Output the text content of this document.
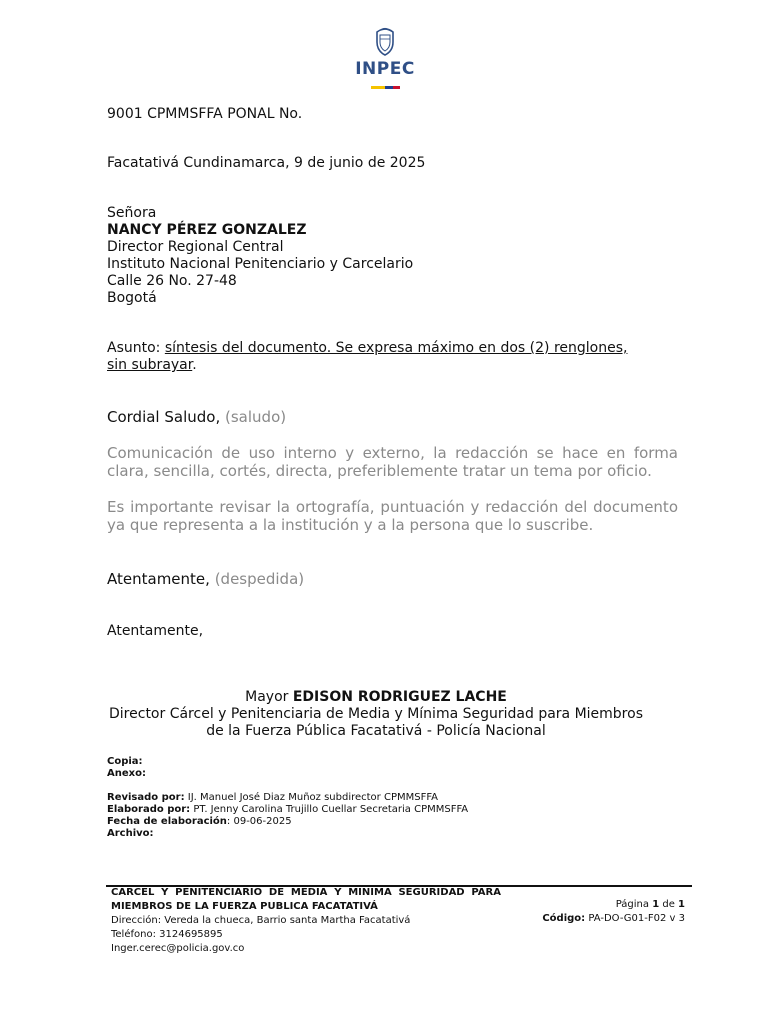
INPEC
9001 CPMMSFFA PONAL No.
Facatativá Cundinamarca, 9 de junio de 2025
Señora
NANCY PÉREZ GONZALEZ
Director Regional Central
Instituto Nacional Penitenciario y Carcelario
Calle 26 No. 27-48
Bogotá
Asunto: síntesis del documento. Se expresa máximo en dos (2) renglones,
sin subrayar.
Cordial Saludo, (saludo)
Comunicación de uso interno y externo, la redacción se hace en forma clara, sencilla, cortés, directa, preferiblemente tratar un tema por oficio.
Es importante revisar la ortografía, puntuación y redacción del documento ya que representa a la institución y a la persona que lo suscribe.
Atentamente, (despedida)
Atentamente,
Mayor EDISON RODRIGUEZ LACHE
Director Cárcel y Penitenciaria de Media y Mínima Seguridad para Miembros
de la Fuerza Pública Facatativá - Policía Nacional
Copia:
Anexo:
Revisado por: IJ. Manuel José Diaz Muñoz subdirector CPMMSFFA
Elaborado por: PT. Jenny Carolina Trujillo Cuellar Secretaria CPMMSFFA
Fecha de elaboración: 09-06-2025
Archivo:
CARCEL Y PENITENCIARIO DE MEDIA Y MINIMA SEGURIDAD PARA
MIEMBROS DE LA FUERZA PUBLICA FACATATIVÁ
Dirección: Vereda la chueca, Barrio santa Martha Facatativá
Teléfono: 3124695895
Inger.cerec@policia.gov.co
Página 1 de 1
Código: PA-DO-G01-F02 v 3
